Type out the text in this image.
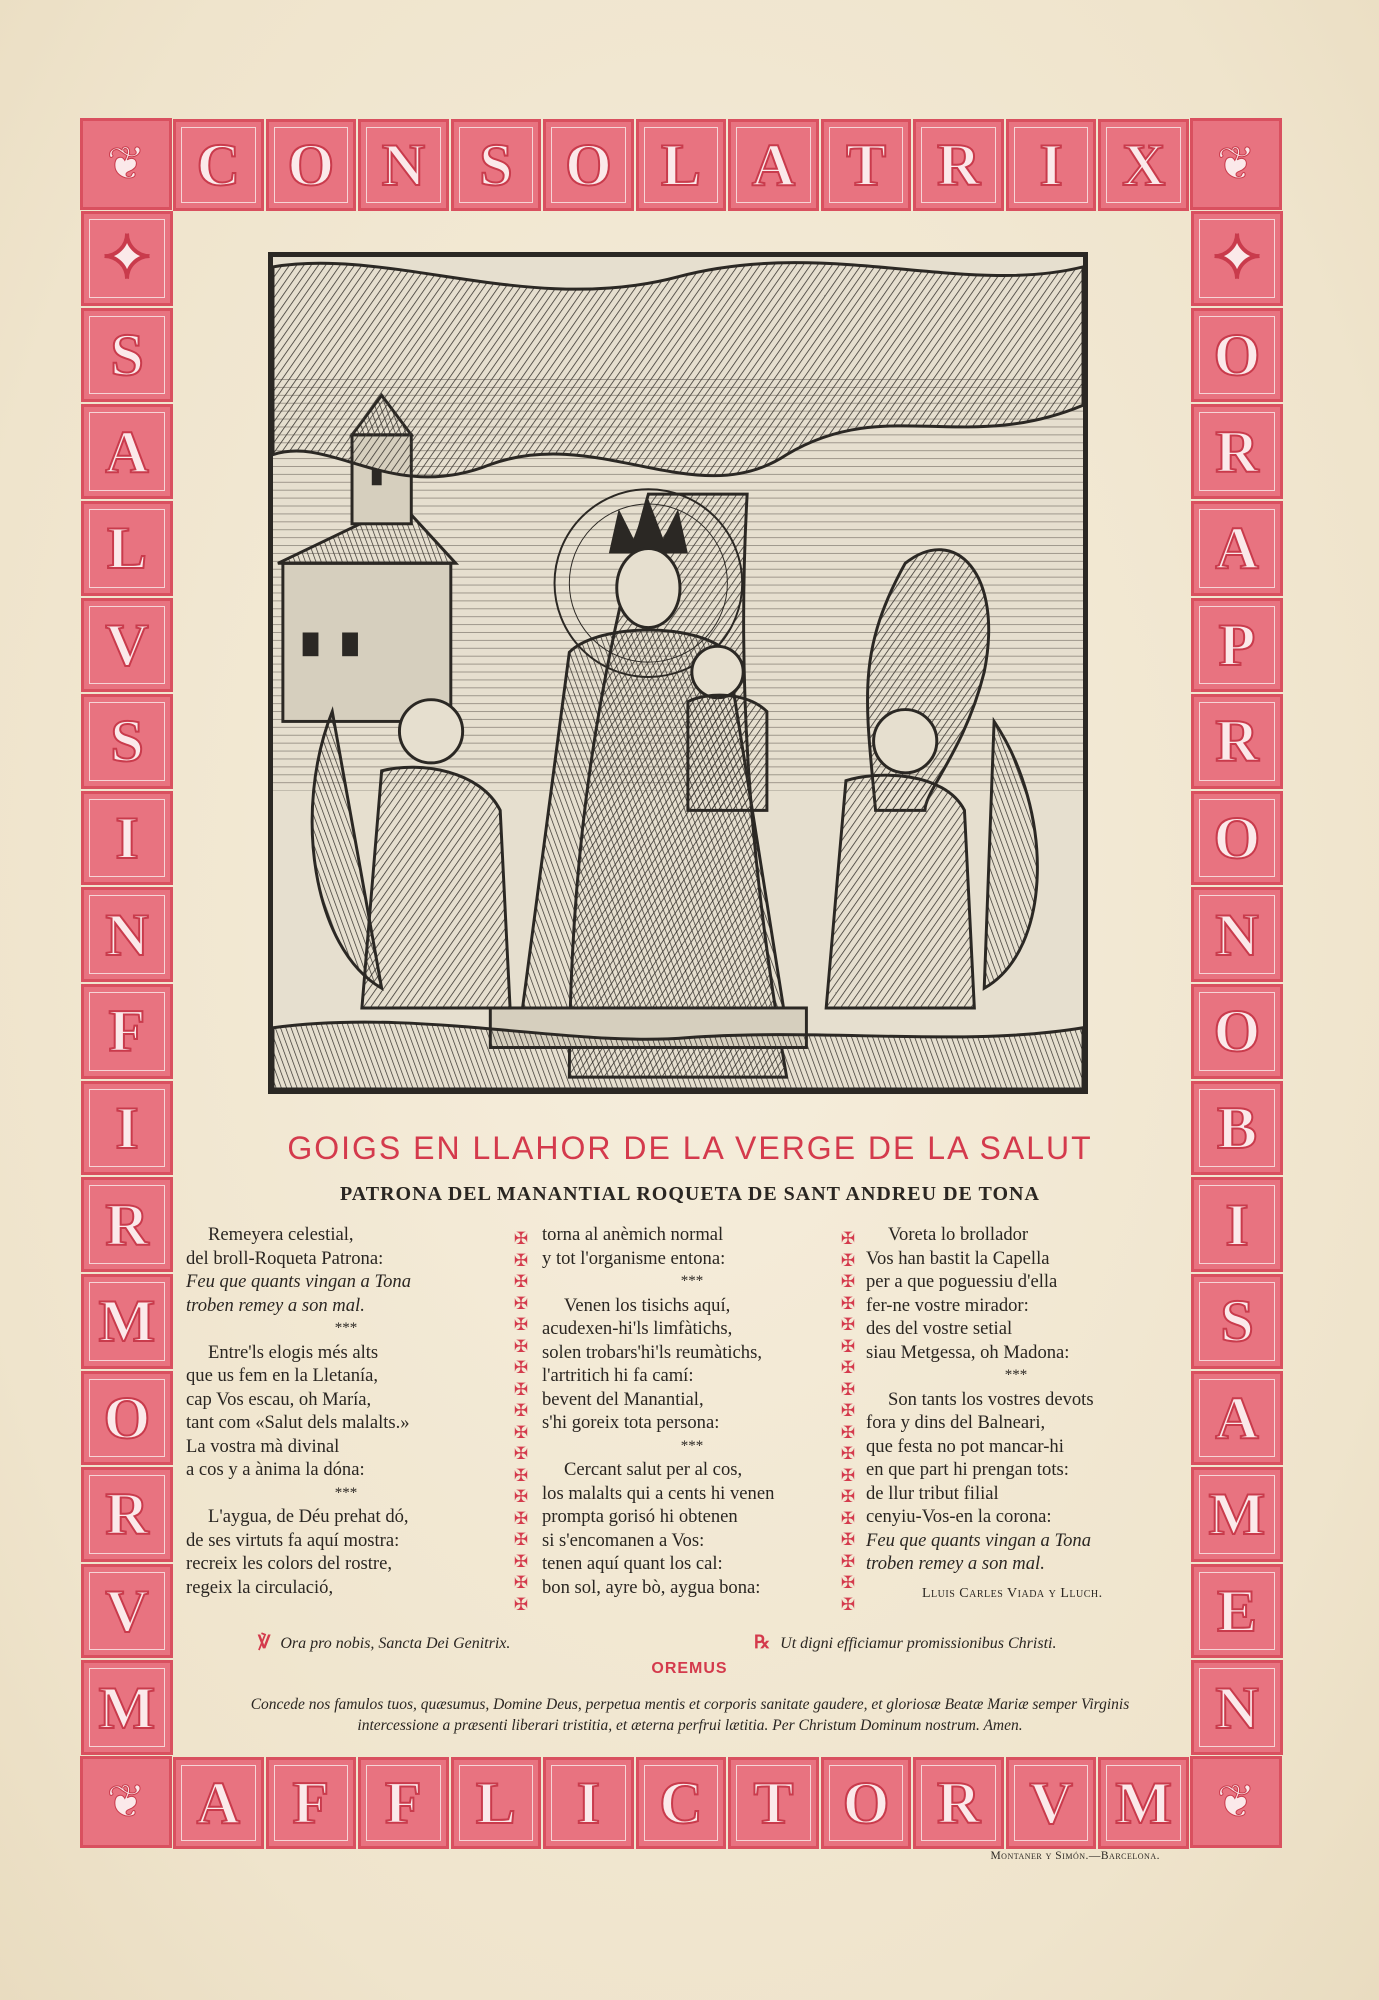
❦	❦
❦	❦
C O N S O L A T R I X
A F F L I C T O R V M
✦
S
A
L
V
S
I
N
F
I
R
M
O
R
V
M
✦
O
R
A
P
R
O
N
O
B
I
S
A
M
E
N
GOIGS EN LLAHOR DE LA VERGE DE LA SALUT
PATRONA DEL MANANTIAL ROQUETA DE SANT ANDREU DE TONA
Remeyera celestial,
del broll-Roqueta Patrona:
Feu que quants vingan a Tona
troben remey a son mal.
***
Entre'ls elogis més alts
que us fem en la Lletanía,
cap Vos escau, oh María,
tant com «Salut dels malalts.»
La vostra mà divinal
a cos y a ànima la dóna:
***
L'aygua, de Déu prehat dó,
de ses virtuts fa aquí mostra:
recreix les colors del rostre,
regeix la circulació,
✠
✠
✠
✠
✠
✠
✠
✠
✠
✠
✠
✠
✠
✠
✠
✠
✠
✠
torna al anèmich normal
y tot l'organisme entona:
***
Venen los tisichs aquí,
acudexen-hi'ls limfàtichs,
solen trobars'hi'ls reumàtichs,
l'artritich hi fa camí:
bevent del Manantial,
s'hi goreix tota persona:
***
Cercant salut per al cos,
los malalts qui a cents hi venen
prompta gorisó hi obtenen
si s'encomanen a Vos:
tenen aquí quant los cal:
bon sol, ayre bò, aygua bona:
✠
✠
✠
✠
✠
✠
✠
✠
✠
✠
✠
✠
✠
✠
✠
✠
✠
✠
Voreta lo brollador
Vos han bastit la Capella
per a que poguessiu d'ella
fer-ne vostre mirador:
des del vostre setial
siau Metgessa, oh Madona:
***
Son tants los vostres devots
fora y dins del Balneari,
que festa no pot mancar-hi
en que part hi prengan tots:
de llur tribut filial
cenyiu-Vos-en la corona:
Feu que quants vingan a Tona
troben remey a son mal.
Lluis Carles Viada y Lluch.
℣ Ora pro nobis, Sancta Dei Genitrix.	℞ Ut digni efficiamur promissionibus Christi.

OREMUS

Concede nos famulos tuos, quæsumus, Domine Deus, perpetua mentis et corporis sanitate gaudere, et gloriosæ Beatæ Mariæ semper Virginis intercessione a præsenti liberari tristitia, et æterna perfrui lætitia. Per Christum Dominum nostrum. Amen.

Montaner y Simón.—Barcelona.
